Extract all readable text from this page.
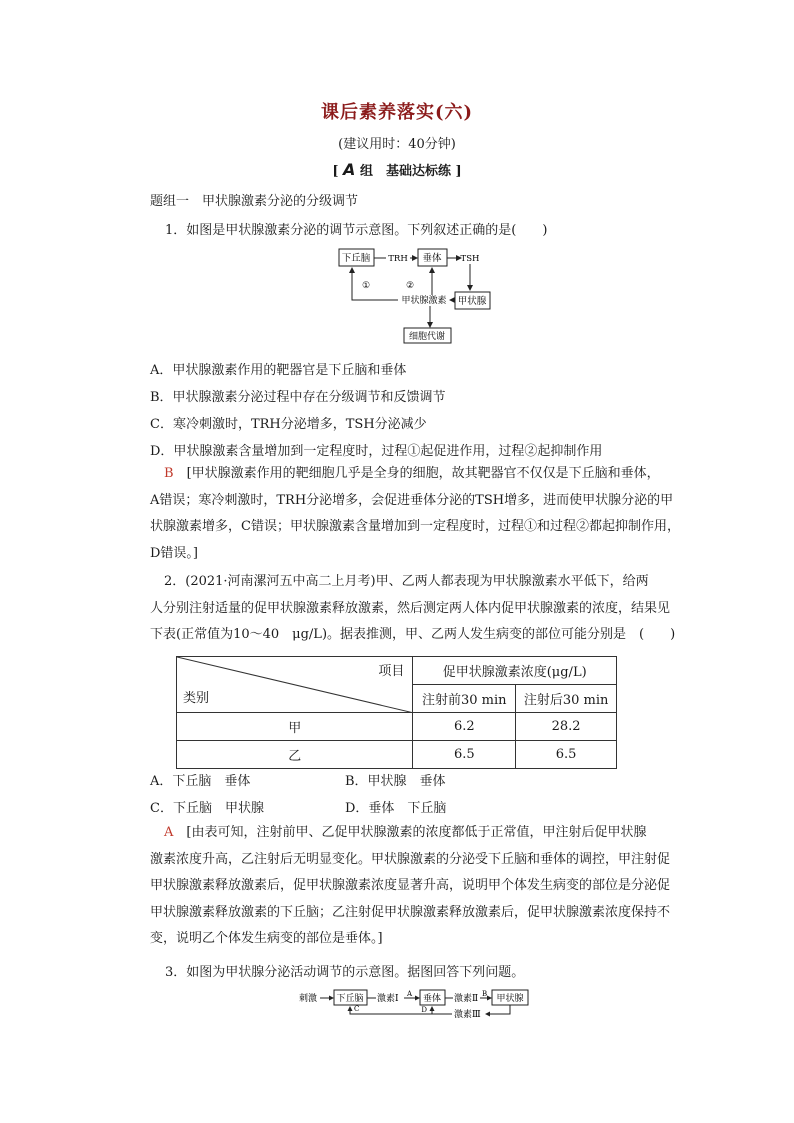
课后素养落实(六)
(建议用时：40分钟)
[ A 组　基础达标练 ]
题组一　甲状腺激素分泌的分级调节
1．如图是甲状腺激素分泌的调节示意图。下列叙述正确的是(　　)
下丘脑 TRH 垂体 TSH
甲状腺
甲状腺激素
①	②
细胞代谢
A．甲状腺激素作用的靶器官是下丘脑和垂体
B．甲状腺激素分泌过程中存在分级调节和反馈调节
C．寒冷刺激时，TRH分泌增多，TSH分泌减少
D．甲状腺激素含量增加到一定程度时，过程①起促进作用，过程②起抑制作用
B　 [甲状腺激素作用的靶细胞几乎是全身的细胞，故其靶器官不仅仅是下丘脑和垂体，
A错误；寒冷刺激时，TRH分泌增多，会促进垂体分泌的TSH增多，进而使甲状腺分泌的甲
状腺激素增多，C错误；甲状腺激素含量增加到一定程度时，过程①和过程②都起抑制作用，
D错误。]
2．(2021·河南漯河五中高二上月考)甲、乙两人都表现为甲状腺激素水平低下，给两
人分别注射适量的促甲状腺激素释放激素，然后测定两人体内促甲状腺激素的浓度，结果见
下表(正常值为10～40　μg/L)。据表推测，甲、乙两人发生病变的部位可能分别是　(　　)
项目
类别	促甲状腺激素浓度(μg/L)	
	注射前30 min	注射后30 min
甲	6.2	28.2
乙	6.5	6.5
A．下丘脑　垂体	B．甲状腺　垂体
C．下丘脑　甲状腺	D．垂体　下丘脑
A　 [由表可知，注射前甲、乙促甲状腺激素的浓度都低于正常值，甲注射后促甲状腺
激素浓度升高，乙注射后无明显变化。甲状腺激素的分泌受下丘脑和垂体的调控，甲注射促
甲状腺激素释放激素后，促甲状腺激素浓度显著升高，说明甲个体发生病变的部位是分泌促
甲状腺激素释放激素的下丘脑；乙注射促甲状腺激素释放激素后，促甲状腺激素浓度保持不
变，说明乙个体发生病变的部位是垂体。]
3．如图为甲状腺分泌活动调节的示意图。据图回答下列问题。
刺激 下丘脑 激素Ⅰ A 垂体 激素Ⅱ B 甲状腺
激素Ⅲ
C	D
